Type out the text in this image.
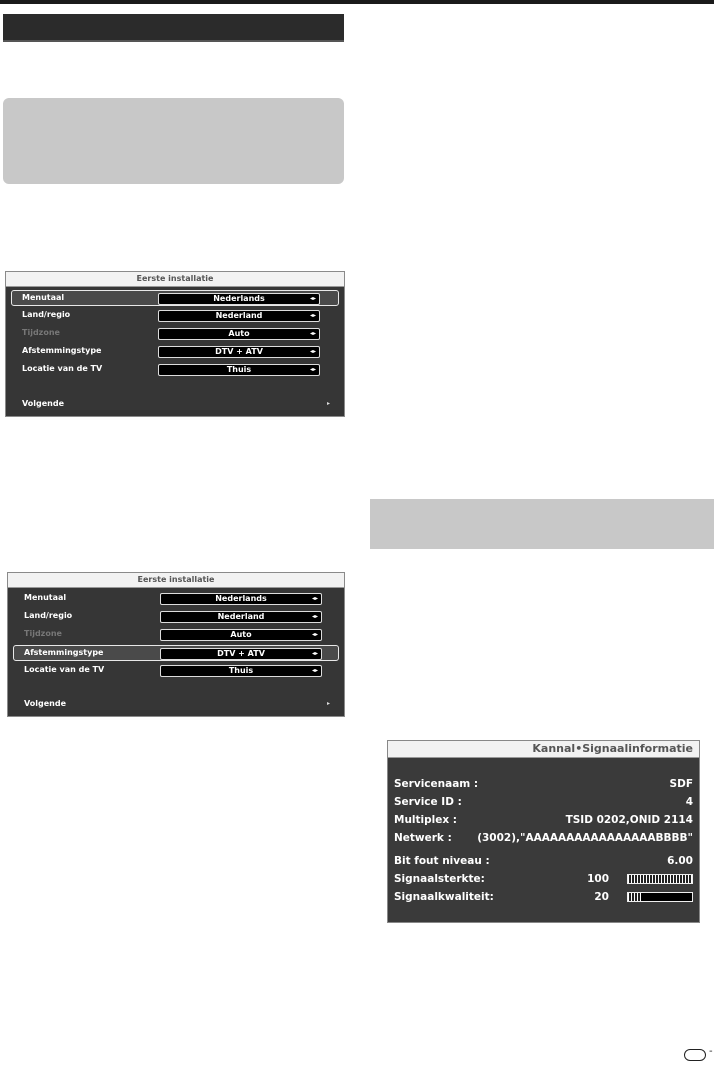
Eerste installatie
Menutaal	Nederlands	◂▸
Land/regio	Nederland	◂▸
Tijdzone	Auto	◂▸
Afstemmingstype	DTV + ATV	◂▸
Locatie van de TV	Thuis	◂▸
Volgende	▸
Eerste installatie
Menutaal	Nederlands	◂▸
Land/regio	Nederland	◂▸
Tijdzone	Auto	◂▸
Afstemmingstype	DTV + ATV	◂▸
Locatie van de TV	Thuis	◂▸
Volgende	▸
Kannal•Signaalinformatie
Servicenaam :	SDF
Service ID :	4
Multiplex :	TSID 0202,ONID 2114
Netwerk : (3002),"AAAAAAAAAAAAAAAABBBB"
Bit fout niveau :	6.00
Signaalsterkte:	100
Signaalkwaliteit:	20
-
